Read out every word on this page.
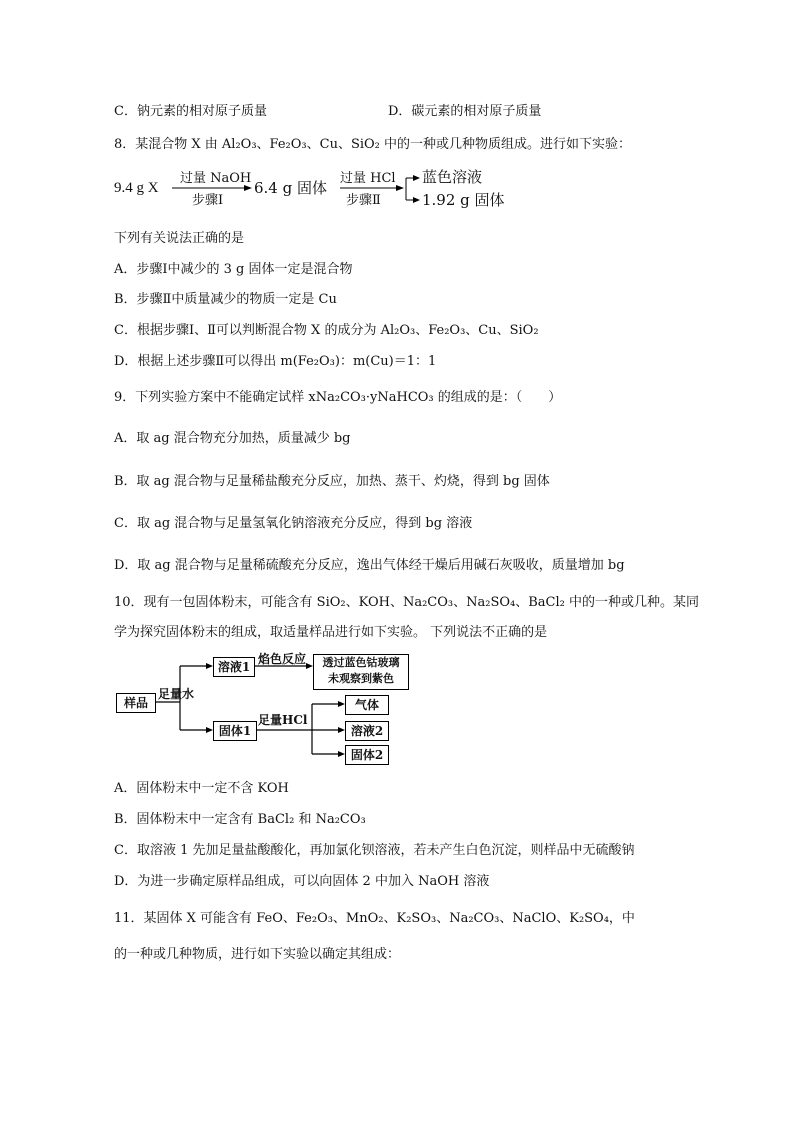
C．钠元素的相对原子质量	D．碳元素的相对原子质量
8．某混合物 X 由 Al₂O₃、Fe₂O₃、Cu、SiO₂ 中的一种或几种物质组成。进行如下实验：
9.4 g X
过量 NaOH
步骤Ⅰ
6.4 g 固体
过量 HCl
步骤Ⅱ
蓝色溶液
1.92 g 固体
下列有关说法正确的是
A．步骤Ⅰ中减少的 3 g 固体一定是混合物
B．步骤Ⅱ中质量减少的物质一定是 Cu
C．根据步骤Ⅰ、Ⅱ可以判断混合物 X 的成分为 Al₂O₃、Fe₂O₃、Cu、SiO₂
D．根据上述步骤Ⅱ可以得出 m(Fe₂O₃)：m(Cu)＝1：1
9．下列实验方案中不能确定试样 xNa₂CO₃·yNaHCO₃ 的组成的是：（　　）
A．取 ag 混合物充分加热，质量减少 bg
B．取 ag 混合物与足量稀盐酸充分反应，加热、蒸干、灼烧，得到 bg 固体
C．取 ag 混合物与足量氢氧化钠溶液充分反应，得到 bg 溶液
D．取 ag 混合物与足量稀硫酸充分反应，逸出气体经干燥后用碱石灰吸收，质量增加 bg
10．现有一包固体粉末，可能含有 SiO₂、KOH、Na₂CO₃、Na₂SO₄、BaCl₂ 中的一种或几种。某同
学为探究固体粉末的组成，取适量样品进行如下实验。 下列说法不正确的是
样品
足量水
溶液1
焰色反应	透过蓝色钴玻璃
未观察到紫色
固体1
足量HCl
气体
溶液2
固体2
A．固体粉末中一定不含 KOH
B．固体粉末中一定含有 BaCl₂ 和 Na₂CO₃
C．取溶液 1 先加足量盐酸酸化，再加氯化钡溶液，若未产生白色沉淀，则样品中无硫酸钠
D．为进一步确定原样品组成，可以向固体 2 中加入 NaOH 溶液
11．某固体 X 可能含有 FeO、Fe₂O₃、MnO₂、K₂SO₃、Na₂CO₃、NaClO、K₂SO₄，中
的一种或几种物质，进行如下实验以确定其组成：
